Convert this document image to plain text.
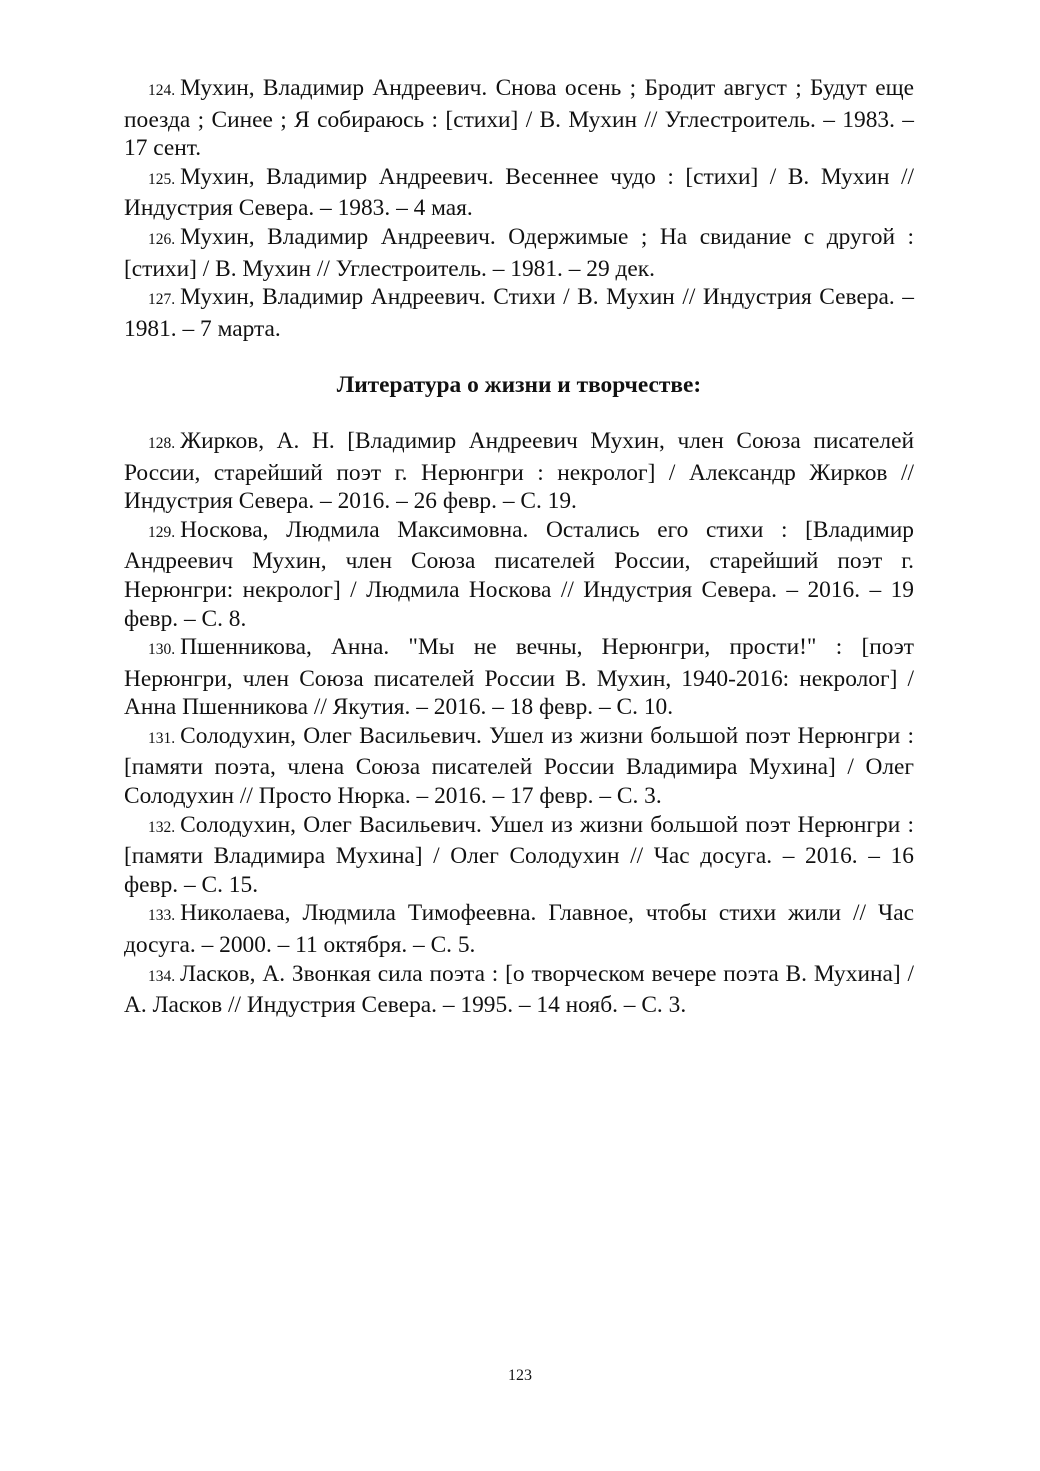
124. Мухин, Владимир Андреевич. Снова осень ; Бродит август ; Будут еще поезда ; Синее ; Я собираюсь : [стихи] / В. Мухин // Углестроитель. – 1983. – 17 сент.

125. Мухин, Владимир Андреевич. Весеннее чудо : [стихи] / В. Мухин // Индустрия Севера. – 1983. – 4 мая.

126. Мухин, Владимир Андреевич. Одержимые ; На свидание с другой : [стихи] / В. Мухин // Углестроитель. – 1981. – 29 дек.

127. Мухин, Владимир Андреевич. Стихи / В. Мухин // Индустрия Севера. – 1981. – 7 марта.

Литература о жизни и творчестве:

128. Жирков, А. Н. [Владимир Андреевич Мухин, член Союза писателей России, старейший поэт г. Нерюнгри : некролог] / Александр Жирков // Индустрия Севера. – 2016. – 26 февр. – С. 19.

129. Носкова, Людмила Максимовна. Остались его стихи : [Владимир Андреевич Мухин, член Союза писателей России, старейший поэт г. Нерюнгри: некролог] / Людмила Носкова // Индустрия Севера. – 2016. – 19 февр. – С. 8.

130. Пшенникова, Анна. "Мы не вечны, Нерюнгри, прости!" : [поэт Нерюнгри, член Союза писателей России В. Мухин, 1940-2016: некролог] / Анна Пшенникова // Якутия. – 2016. – 18 февр. – С. 10.

131. Солодухин, Олег Васильевич. Ушел из жизни большой поэт Нерюнгри : [памяти поэта, члена Союза писателей России Владимира Мухина] / Олег Солодухин // Просто Нюрка. – 2016. – 17 февр. – С. 3.

132. Солодухин, Олег Васильевич. Ушел из жизни большой поэт Нерюнгри : [памяти Владимира Мухина] / Олег Солодухин // Час досуга. – 2016. – 16 февр. – С. 15.

133. Николаева, Людмила Тимофеевна. Главное, чтобы стихи жили // Час досуга. – 2000. – 11 октября. – С. 5.

134. Ласков, А. Звонкая сила поэта : [о творческом вечере поэта В. Мухина] / А. Ласков // Индустрия Севера. – 1995. – 14 нояб. – С. 3.

123
